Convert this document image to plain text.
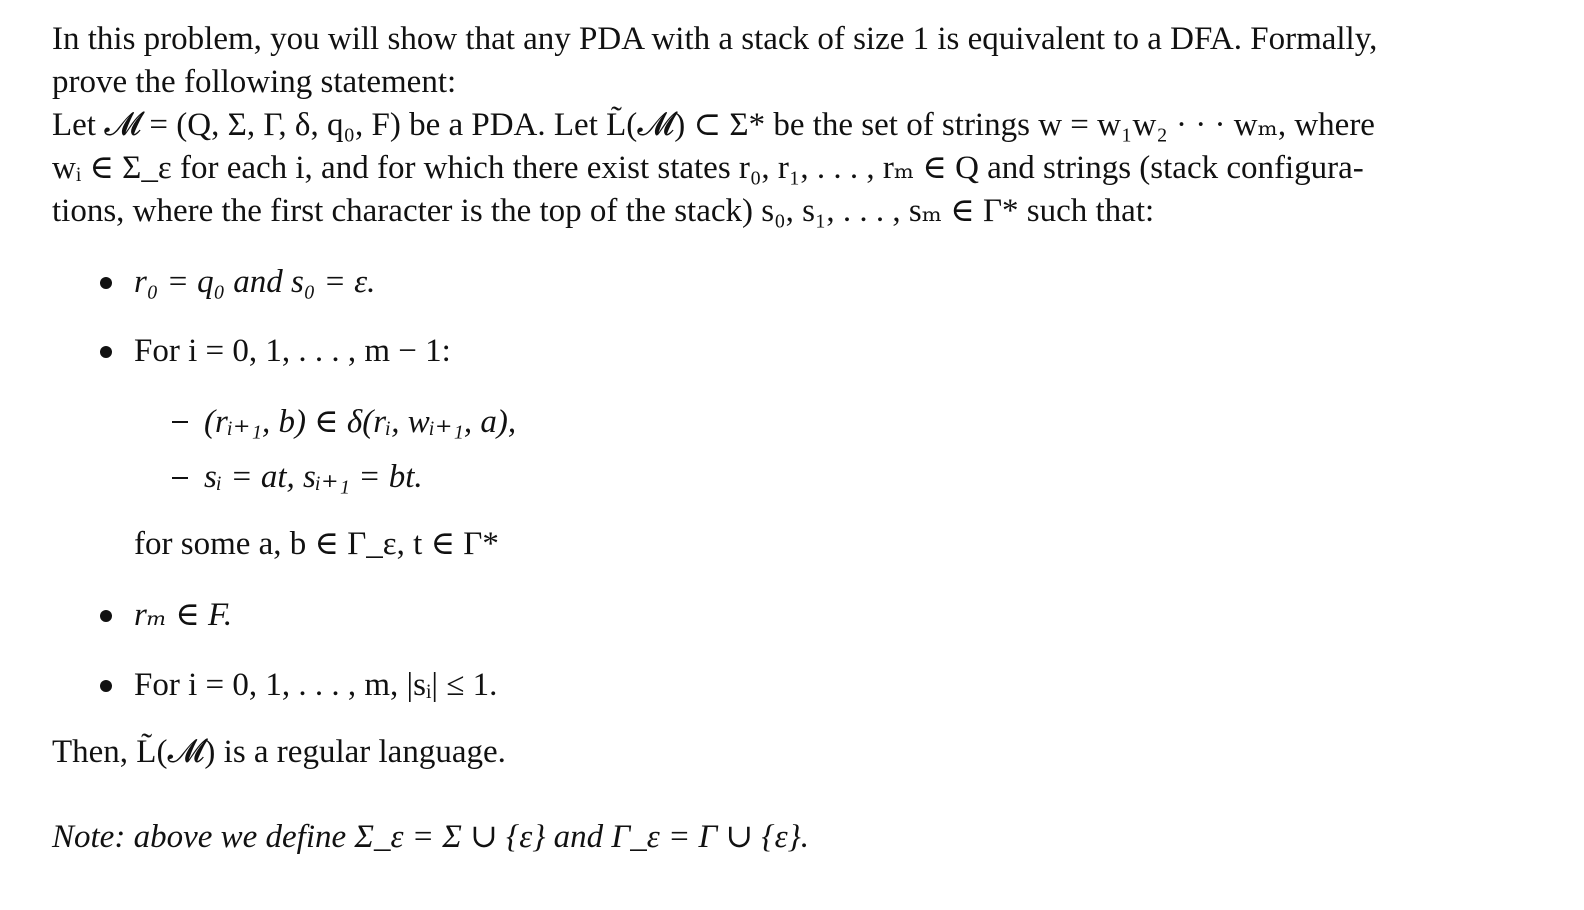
In this problem, you will show that any PDA with a stack of size 1 is equivalent to a DFA. Formally,

prove the following statement:

Let 𝓜 = (Q, Σ, Γ, δ, q₀, F) be a PDA. Let L̃(𝓜) ⊂ Σ* be the set of strings w = w₁w₂ · · · wₘ, where

wᵢ ∈ Σ_ε for each i, and for which there exist states r₀, r₁, . . . , rₘ ∈ Q and strings (stack configura-

tions, where the first character is the top of the stack) s₀, s₁, . . . , sₘ ∈ Γ* such that:

r₀ = q₀ and s₀ = ε.
For i = 0, 1, . . . , m − 1:
(rᵢ₊₁, b) ∈ δ(rᵢ, wᵢ₊₁, a),
sᵢ = at, sᵢ₊₁ = bt.
for some a, b ∈ Γ_ε, t ∈ Γ*
rₘ ∈ F.
For i = 0, 1, . . . , m, |sᵢ| ≤ 1.
Then, L̃(𝓜) is a regular language.
Note: above we define Σ_ε = Σ ∪ {ε} and Γ_ε = Γ ∪ {ε}.
